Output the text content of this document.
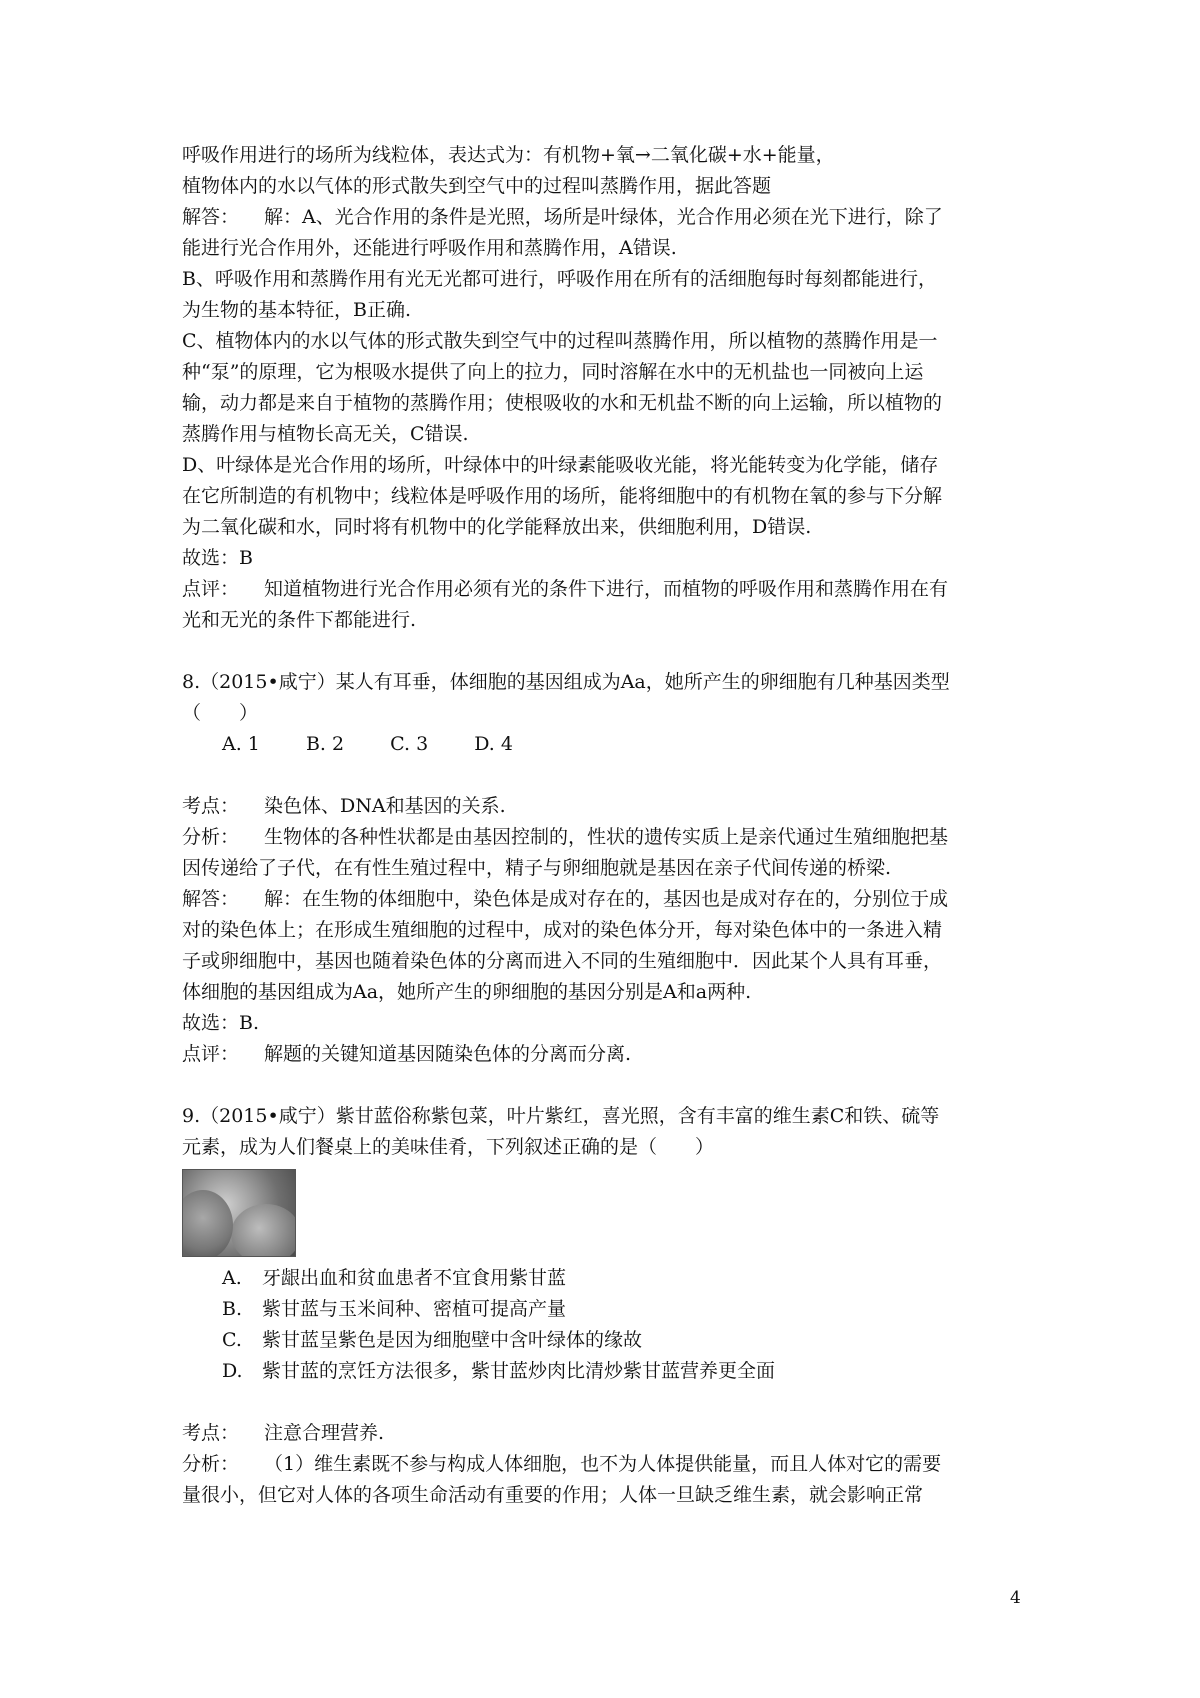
呼吸作用进行的场所为线粒体，表达式为：有机物+氧→二氧化碳+水+能量，
植物体内的水以气体的形式散失到空气中的过程叫蒸腾作用，据此答题
解答： 解：A、光合作用的条件是光照，场所是叶绿体，光合作用必须在光下进行，除了
能进行光合作用外，还能进行呼吸作用和蒸腾作用，A错误.
B、呼吸作用和蒸腾作用有光无光都可进行，呼吸作用在所有的活细胞每时每刻都能进行，
为生物的基本特征，B正确.
C、植物体内的水以气体的形式散失到空气中的过程叫蒸腾作用，所以植物的蒸腾作用是一
种“泵”的原理，它为根吸水提供了向上的拉力，同时溶解在水中的无机盐也一同被向上运
输，动力都是来自于植物的蒸腾作用；使根吸收的水和无机盐不断的向上运输，所以植物的
蒸腾作用与植物长高无关，C错误.
D、叶绿体是光合作用的场所，叶绿体中的叶绿素能吸收光能，将光能转变为化学能，储存
在它所制造的有机物中；线粒体是呼吸作用的场所，能将细胞中的有机物在氧的参与下分解
为二氧化碳和水，同时将有机物中的化学能释放出来，供细胞利用，D错误.
故选：B
点评： 知道植物进行光合作用必须有光的条件下进行，而植物的呼吸作用和蒸腾作用在有
光和无光的条件下都能进行.
8.（2015•咸宁）某人有耳垂，体细胞的基因组成为Aa，她所产生的卵细胞有几种基因类型
（　　）
A. 1 B. 2 C. 3 D. 4
考点： 染色体、DNA和基因的关系.
分析： 生物体的各种性状都是由基因控制的，性状的遗传实质上是亲代通过生殖细胞把基
因传递给了子代，在有性生殖过程中，精子与卵细胞就是基因在亲子代间传递的桥梁.
解答： 解：在生物的体细胞中，染色体是成对存在的，基因也是成对存在的，分别位于成
对的染色体上；在形成生殖细胞的过程中，成对的染色体分开，每对染色体中的一条进入精
子或卵细胞中，基因也随着染色体的分离而进入不同的生殖细胞中．因此某个人具有耳垂，
体细胞的基因组成为Aa，她所产生的卵细胞的基因分别是A和a两种.
故选：B.
点评： 解题的关键知道基因随染色体的分离而分离.
9.（2015•咸宁）紫甘蓝俗称紫包菜，叶片紫红，喜光照，含有丰富的维生素C和铁、硫等
元素，成为人们餐桌上的美味佳肴，下列叙述正确的是（　　）
A. 牙龈出血和贫血患者不宜食用紫甘蓝
B. 紫甘蓝与玉米间种、密植可提高产量
C. 紫甘蓝呈紫色是因为细胞壁中含叶绿体的缘故
D. 紫甘蓝的烹饪方法很多，紫甘蓝炒肉比清炒紫甘蓝营养更全面
考点： 注意合理营养.
分析： （1）维生素既不参与构成人体细胞，也不为人体提供能量，而且人体对它的需要
量很小，但它对人体的各项生命活动有重要的作用；人体一旦缺乏维生素，就会影响正常
4
